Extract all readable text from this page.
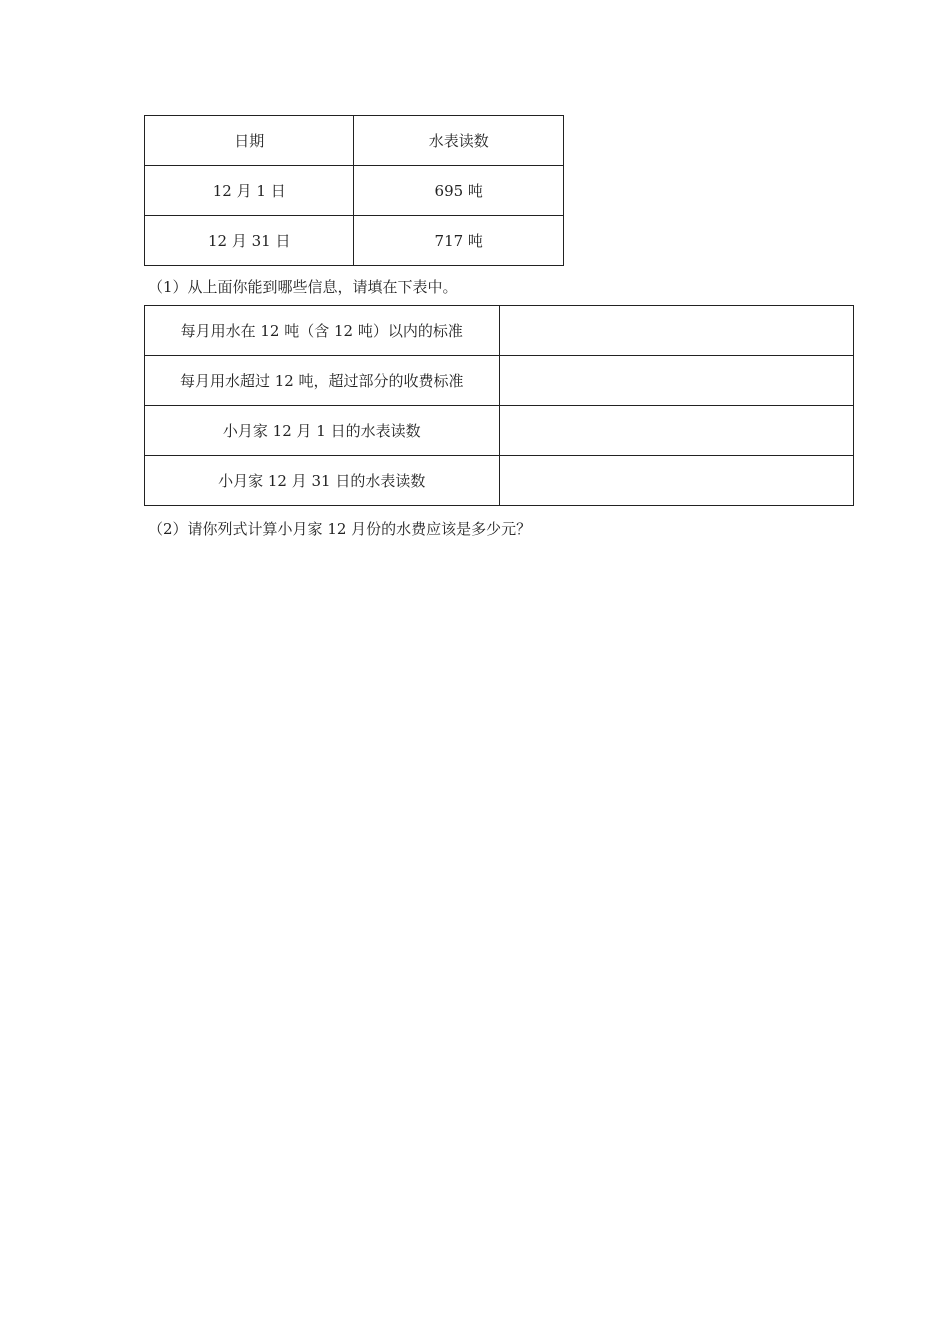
日期	水表读数
12 月 1 日	695 吨
12 月 31 日	717 吨
（1）从上面你能到哪些信息，请填在下表中。
每月用水在 12 吨（含 12 吨）以内的标准	
每月用水超过 12 吨，超过部分的收费标准	
小月家 12 月 1 日的水表读数	
小月家 12 月 31 日的水表读数	
（2）请你列式计算小月家 12 月份的水费应该是多少元？
